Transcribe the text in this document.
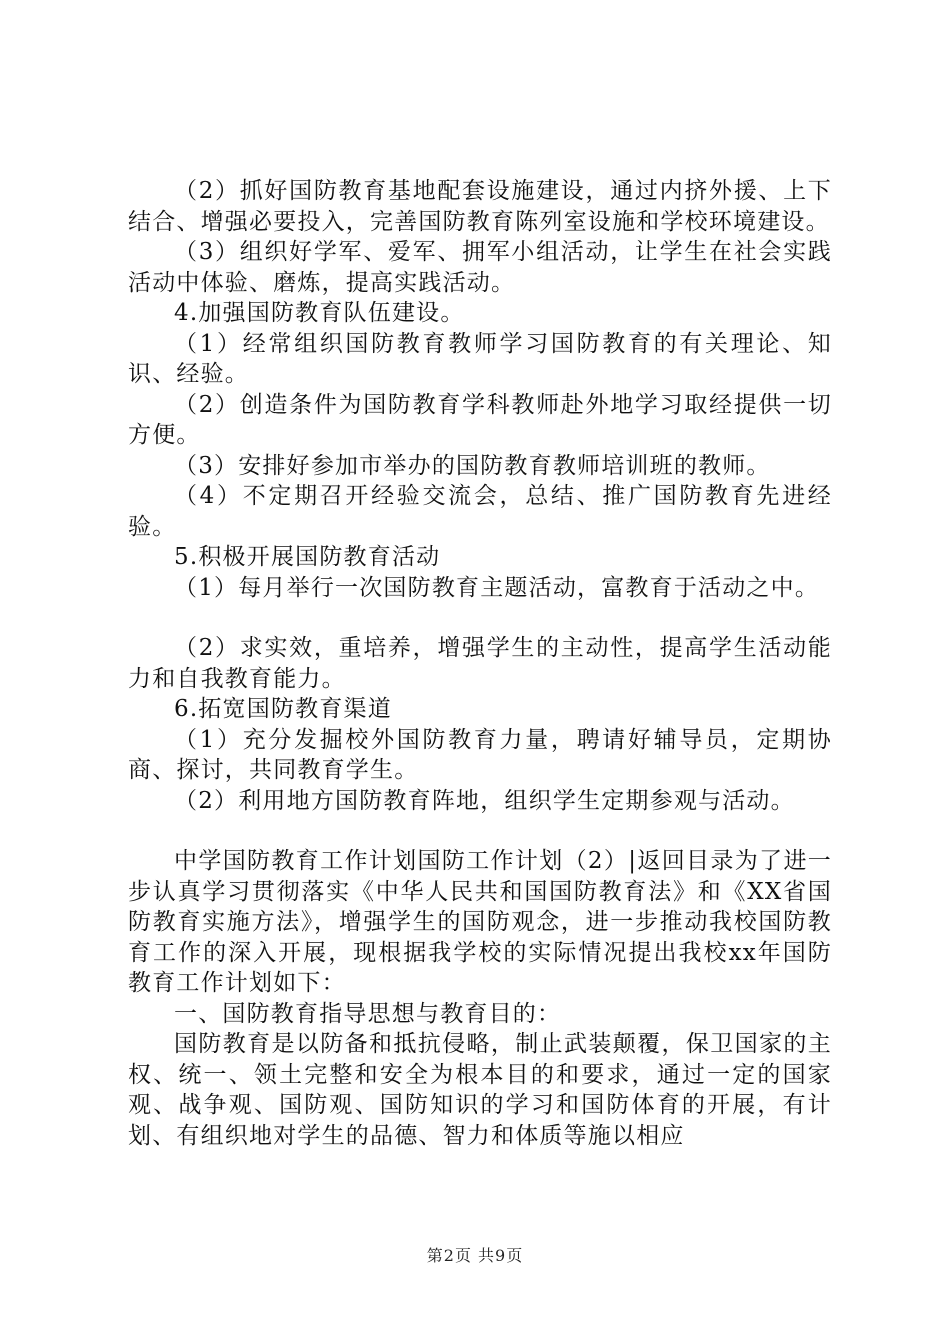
（2）抓好国防教育基地配套设施建设，通过内挤外援、上下结合、增强必要投入，完善国防教育陈列室设施和学校环境建设。

（3）组织好学军、爱军、拥军小组活动，让学生在社会实践活动中体验、磨炼，提高实践活动。

4.加强国防教育队伍建设。

（1）经常组织国防教育教师学习国防教育的有关理论、知识、经验。

（2）创造条件为国防教育学科教师赴外地学习取经提供一切方便。

（3）安排好参加市举办的国防教育教师培训班的教师。

（4）不定期召开经验交流会，总结、推广国防教育先进经验。

5.积极开展国防教育活动

（1）每月举行一次国防教育主题活动，富教育于活动之中。

（2）求实效，重培养，增强学生的主动性，提高学生活动能力和自我教育能力。

6.拓宽国防教育渠道

（1）充分发掘校外国防教育力量，聘请好辅导员，定期协商、探讨，共同教育学生。

（2）利用地方国防教育阵地，组织学生定期参观与活动。

中学国防教育工作计划国防工作计划（2）|返回目录为了进一步认真学习贯彻落实《中华人民共和国国防教育法》和《XX省国防教育实施方法》，增强学生的国防观念，进一步推动我校国防教育工作的深入开展，现根据我学校的实际情况提出我校xx年国防教育工作计划如下：

一、国防教育指导思想与教育目的：

国防教育是以防备和抵抗侵略，制止武装颠覆，保卫国家的主权、统一、领土完整和安全为根本目的和要求，通过一定的国家观、战争观、国防观、国防知识的学习和国防体育的开展，有计划、有组织地对学生的品德、智力和体质等施以相应

第2页 共9页
